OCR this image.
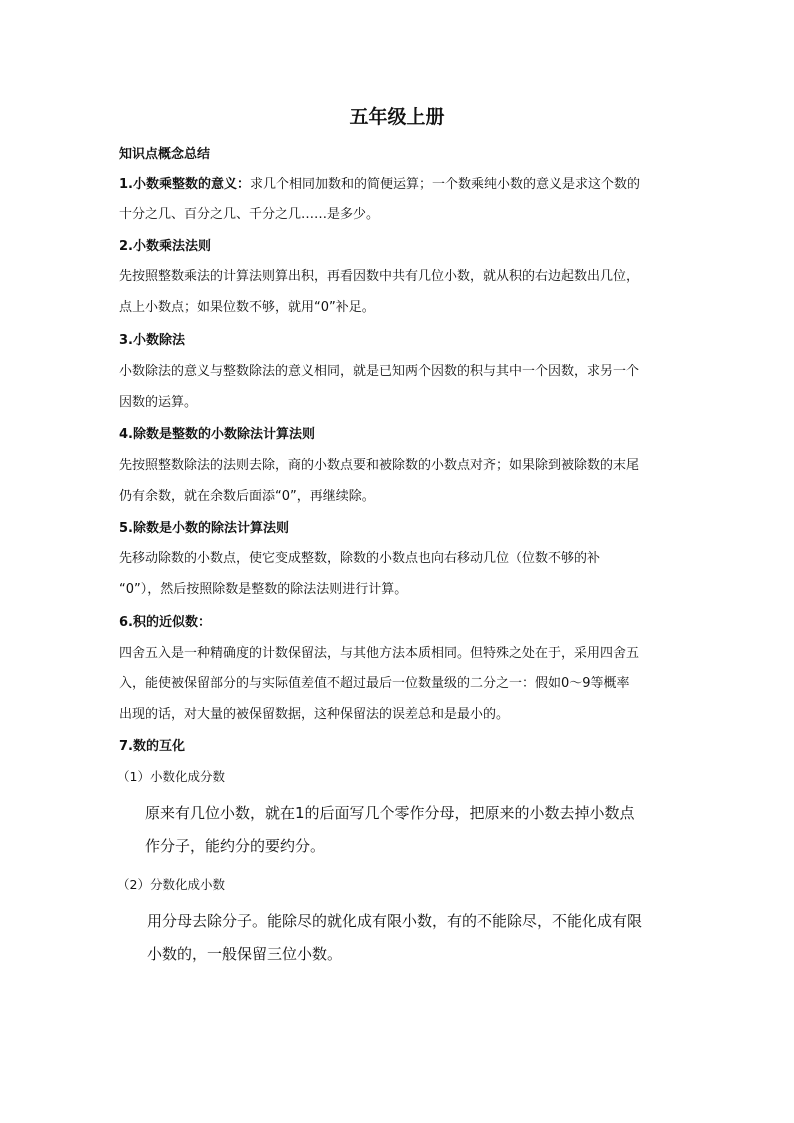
五年级上册
知识点概念总结
1.小数乘整数的意义：求几个相同加数和的简便运算；一个数乘纯小数的意义是求这个数的
十分之几、百分之几、千分之几……是多少。
2.小数乘法法则
先按照整数乘法的计算法则算出积，再看因数中共有几位小数，就从积的右边起数出几位，
点上小数点；如果位数不够，就用“0”补足。
3.小数除法
小数除法的意义与整数除法的意义相同，就是已知两个因数的积与其中一个因数，求另一个
因数的运算。
4.除数是整数的小数除法计算法则
先按照整数除法的法则去除，商的小数点要和被除数的小数点对齐；如果除到被除数的末尾
仍有余数，就在余数后面添“0”，再继续除。
5.除数是小数的除法计算法则
先移动除数的小数点，使它变成整数，除数的小数点也向右移动几位（位数不够的补
“0”），然后按照除数是整数的除法法则进行计算。
6.积的近似数：
四舍五入是一种精确度的计数保留法，与其他方法本质相同。但特殊之处在于，采用四舍五
入，能使被保留部分的与实际值差值不超过最后一位数量级的二分之一：假如0～9等概率
出现的话，对大量的被保留数据，这种保留法的误差总和是最小的。
7.数的互化
（1）小数化成分数
原来有几位小数，就在1的后面写几个零作分母，把原来的小数去掉小数点
作分子，能约分的要约分。
（2）分数化成小数
用分母去除分子。能除尽的就化成有限小数，有的不能除尽，不能化成有限
小数的，一般保留三位小数。
